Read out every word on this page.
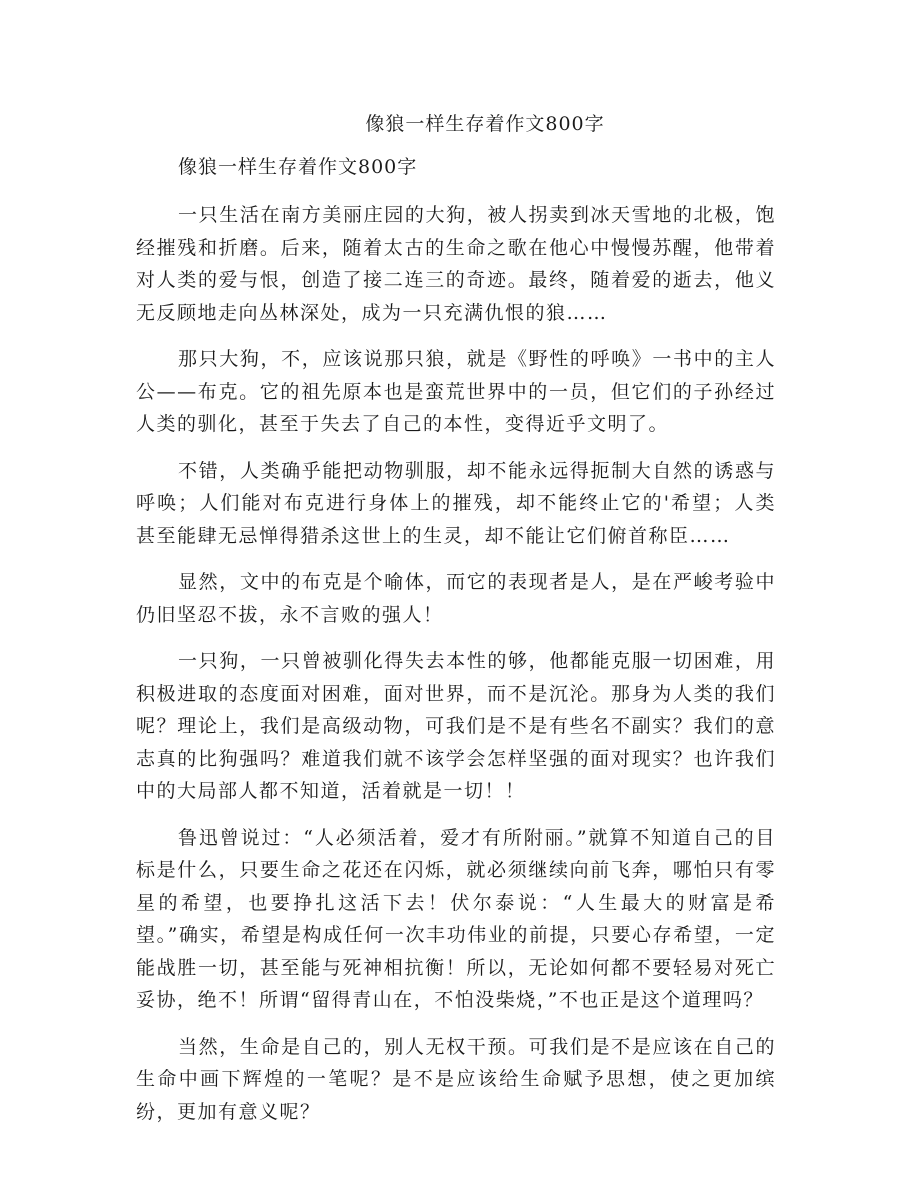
像狼一样生存着作文800字

像狼一样生存着作文800字

一只生活在南方美丽庄园的大狗，被人拐卖到冰天雪地的北极，饱经摧残和折磨。后来，随着太古的生命之歌在他心中慢慢苏醒，他带着对人类的爱与恨，创造了接二连三的奇迹。最终，随着爱的逝去，他义无反顾地走向丛林深处，成为一只充满仇恨的狼……

那只大狗，不，应该说那只狼，就是《野性的呼唤》一书中的主人公——布克。它的祖先原本也是蛮荒世界中的一员，但它们的子孙经过人类的驯化，甚至于失去了自己的本性，变得近乎文明了。

不错，人类确乎能把动物驯服，却不能永远得扼制大自然的诱惑与呼唤；人们能对布克进行身体上的摧残，却不能终止它的'希望；人类甚至能肆无忌惮得猎杀这世上的生灵，却不能让它们俯首称臣……

显然，文中的布克是个喻体，而它的表现者是人，是在严峻考验中仍旧坚忍不拔，永不言败的强人！

一只狗，一只曾被驯化得失去本性的够，他都能克服一切困难，用积极进取的态度面对困难，面对世界，而不是沉沦。那身为人类的我们呢？理论上，我们是高级动物，可我们是不是有些名不副实？我们的意志真的比狗强吗？难道我们就不该学会怎样坚强的面对现实？也许我们中的大局部人都不知道，活着就是一切！！

鲁迅曾说过：“人必须活着，爱才有所附丽。”就算不知道自己的目标是什么，只要生命之花还在闪烁，就必须继续向前飞奔，哪怕只有零星的希望，也要挣扎这活下去！伏尔泰说：“人生最大的财富是希望。”确实，希望是构成任何一次丰功伟业的前提，只要心存希望，一定能战胜一切，甚至能与死神相抗衡！所以，无论如何都不要轻易对死亡妥协，绝不！所谓“留得青山在，不怕没柴烧，”不也正是这个道理吗？

当然，生命是自己的，别人无权干预。可我们是不是应该在自己的生命中画下辉煌的一笔呢？是不是应该给生命赋予思想，使之更加缤纷，更加有意义呢？
